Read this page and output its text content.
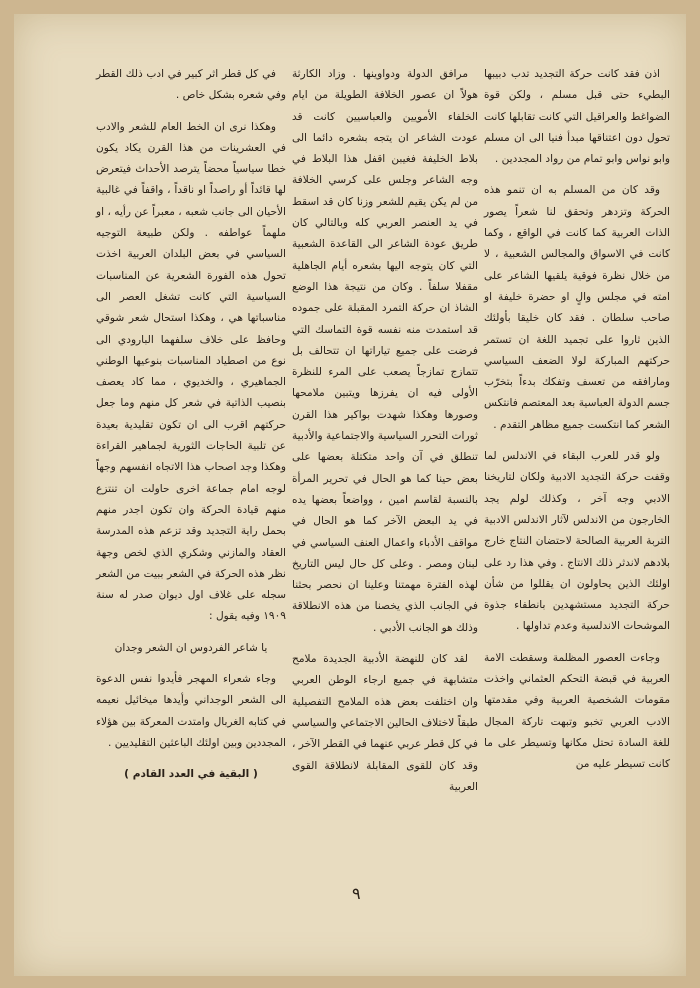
اذن فقد كانت حركة التجديد تدب دبيبها البطيء حتى قبل مسلم ، ولكن قوة الضواغط والعراقيل التي كانت تقابلها كانت تحول دون اعتناقها مبدأ فنيا الى ان مسلم وابو نواس وابو تمام من رواد المجددين .

وقد كان من المسلم به ان تنمو هذه الحركة وتزدهر وتحقق لنا شعراً يصور الذات العربية كما كانت في الواقع ، وكما كانت في الاسواق والمجالس الشعبية ، لا من خلال نظرة فوقية يلقيها الشاعر على امته في مجلس والٍ او حضرة خليفة او صاحب سلطان . فقد كان خليقا بأولئك الذين ثاروا على تجميد اللغة ان تستمر حركتهم المباركة لولا الضعف السياسي ومارافقه من تعسف وتفكك بدءاً بتخرّب جسم الدولة العباسية بعد المعتصم فانتكس الشعر كما انتكست جميع مظاهر التقدم .

ولو قدر للعرب البقاء في الاندلس لما وقفت حركة التجديد الادبية ولكان لتاريخنا الادبي وجه آخر ، وكذلك لولم يجد الخارجون من الاندلس لآثار الاندلس الادبية التربة العربية الصالحة لاحتضان النتاج خارج بلادهم لاندثر ذلك الانتاج . وفي هذا رد على اولئك الذين يحاولون ان يقللوا من شأن حركة التجديد مستشهدين بانطفاء جذوة الموشحات الاندلسية وعدم تداولها .

وجاءت العصور المظلمة وسقطت الامة العربية في قبضة التحكم العثماني واخذت مقومات الشخصية العربية وفي مقدمتها الادب العربي تخبو وتبهت تاركة المجال للغة السادة تحتل مكانها وتسيطر على ما كانت تسيطر عليه من

مرافق الدولة ودواوينها . وزاد الكارثة هولاً ان عصور الخلافة الطويلة من ايام الخلفاء الأمويين والعباسيين كانت قد عودت الشاعر ان يتجه بشعره دائما الى بلاط الخليفة فغيبن اقفل هذا البلاط في وجه الشاعر وجلس على كرسي الخلافة من لم يكن يقيم للشعر وزنا كان قد اسقط في يد العنصر العربي كله وبالتالي كان طريق عودة الشاعر الى القاعدة الشعبية التي كان يتوجه اليها بشعره أيام الجاهلية مقفلا سلفاً . وكان من نتيجة هذا الوضع الشاذ ان حركة التمرد المقبلة على جموده قد استمدت منه نفسه قوة التماسك التي فرضت على جميع تياراتها ان تتحالف بل تتمازج تمازجاً يصعب على المرء للنظرة الأولى فيه ان يفرزها ويتبين ملامحها وصورها وهكذا شهدت بواكير هذا القرن ثورات التحرر السياسية والاجتماعية والأدبية تنطلق في آن واحد متكتلة بعضها على بعض حينا كما هو الحال في تحرير المرأة بالنسبة لقاسم امين ، وواضعاً بعضها يده في يد البعض الآخر كما هو الحال في مواقف الأدباء واعمال العنف السياسي في لبنان ومصر . وعلى كل حال ليس التاريخ لهذه الفترة مهمتنا وعلينا ان نحصر بحثنا في الجانب الذي يخصنا من هذه الانطلاقة وذلك هو الجانب الأدبي .

لقد كان للنهضة الأدبية الجديدة ملامح متشابهة في جميع ارجاء الوطن العربي وان اختلفت بعض هذه الملامح التفصيلية طبقاً لاختلاف الحالين الاجتماعي والسياسي في كل قطر عربي عنهما في القطر الآخر ، وقد كان للقوى المقابلة لانطلاقة القوى العربية

في كل قطر اثر كبير في ادب ذلك القطر وفي شعره بشكل خاص .

وهكذا نرى ان الخط العام للشعر والادب في العشرينات من هذا القرن يكاد يكون خطا سياسياً محضاً يترصد الأحداث فيتعرض لها قائداً أو راصداً او ناقداً ، واقفاً في غالبية الأحيان الى جانب شعبه ، معبراً عن رأيه ، او ملهماً عواطفه . ولكن طبيعة التوجيه السياسي في بعض البلدان العربية اخذت تحول هذه الفورة الشعرية عن المناسبات السياسية التي كانت تشغل العصر الى مناسباتها هي ، وهكذا استحال شعر شوقي وحافظ على خلاف سلفهما البارودي الى نوع من اصطياد المناسبات بنوعيها الوطني الجماهيري ، والخديوي ، مما كاد يعصف بنصيب الذاتية في شعر كل منهم وما جعل حركتهم اقرب الى ان تكون تقليدية بعيدة عن تلبية الحاجات الثورية لجماهير القراءة وهكذا وجد اصحاب هذا الاتجاه انفسهم وجهاً لوجه امام جماعة اخرى حاولت ان تنتزع منهم قيادة الحركة وان تكون اجدر منهم بحمل راية التجديد وقد تزعم هذه المدرسة العقاد والمازني وشكري الذي لخص وجهة نظر هذه الحركة في الشعر ببيت من الشعر سجله على غلاف اول ديوان صدر له سنة ١٩٠٩ وفيه يقول :

يا شاعر الفردوس ان الشعر وجدان

وجاء شعراء المهجر فأيدوا نفس الدعوة الى الشعر الوجداني وأيدها ميخائيل نعيمه في كتابه الغربال وامتدت المعركة بين هؤلاء المجددين وبين اولئك الباعثين التقليديين .

( البقية في العدد القادم )
٩
